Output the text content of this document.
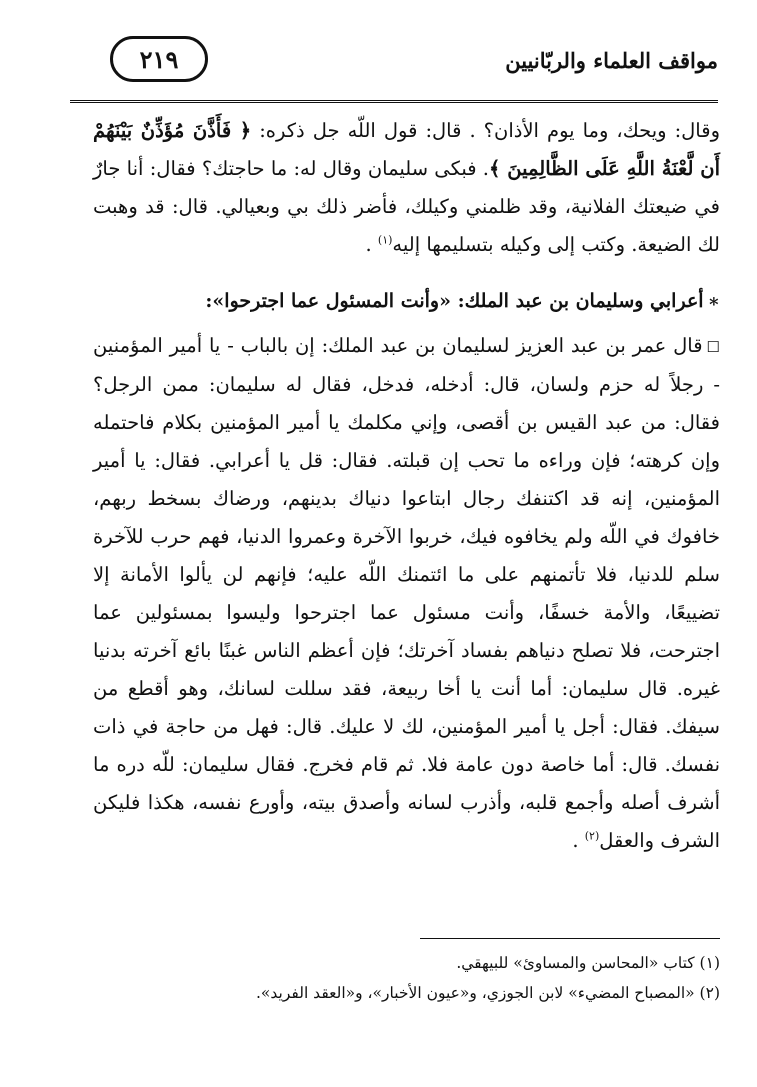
مواقف العلماء والربّانيين
٢١٩

وقال: ويحك، وما يوم الأذان؟ . قال: قول اللّه جل ذكره: ﴿ فَأَذَّنَ مُؤَذِّنٌ بَيْنَهُمْ أَن لَّعْنَةُ اللَّهِ عَلَى الظَّالِمِينَ ﴾. فبكى سليمان وقال له: ما حاجتك؟ فقال: أنا جارٌ في ضيعتك الفلانية، وقد ظلمني وكيلك، فأضر ذلك بي وبعيالي. قال: قد وهبت لك الضيعة. وكتب إلى وكيله بتسليمها إليه$^{(١)}$ .

∗أعرابي وسليمان بن عبد الملك: «وأنت المسئول عما اجترحوا»:

☐قال عمر بن عبد العزيز لسليمان بن عبد الملك: إن بالباب - يا أمير المؤمنين - رجلاً له حزم ولسان، قال: أدخله، فدخل، فقال له سليمان: ممن الرجل؟ فقال: من عبد القيس بن أقصى، وإني مكلمك يا أمير المؤمنين بكلام فاحتمله وإن كرهته؛ فإن وراءه ما تحب إن قبلته. فقال: قل يا أعرابي. فقال: يا أمير المؤمنين، إنه قد اكتنفك رجال ابتاعوا دنياك بدينهم، ورضاك بسخط ربهم، خافوك في اللّه ولم يخافوه فيك، خربوا الآخرة وعمروا الدنيا، فهم حرب للآخرة سلم للدنيا، فلا تأتمنهم على ما ائتمنك اللّه عليه؛ فإنهم لن يألوا الأمانة إلا تضييعًا، والأمة خسفًا، وأنت مسئول عما اجترحوا وليسوا بمسئولين عما اجترحت، فلا تصلح دنياهم بفساد آخرتك؛ فإن أعظم الناس غبنًا بائع آخرته بدنيا غيره. قال سليمان: أما أنت يا أخا ربيعة، فقد سللت لسانك، وهو أقطع من سيفك. فقال: أجل يا أمير المؤمنين، لك لا عليك. قال: فهل من حاجة في ذات نفسك. قال: أما خاصة دون عامة فلا. ثم قام فخرج. فقال سليمان: للّه دره ما أشرف أصله وأجمع قلبه، وأذرب لسانه وأصدق بيته، وأورع نفسه، هكذا فليكن الشرف والعقل$^{(٢)}$ .

(١) كتاب «المحاسن والمساوئ» للبيهقي.

(٢) «المصباح المضيء» لابن الجوزي، و«عيون الأخبار»، و«العقد الفريد».
